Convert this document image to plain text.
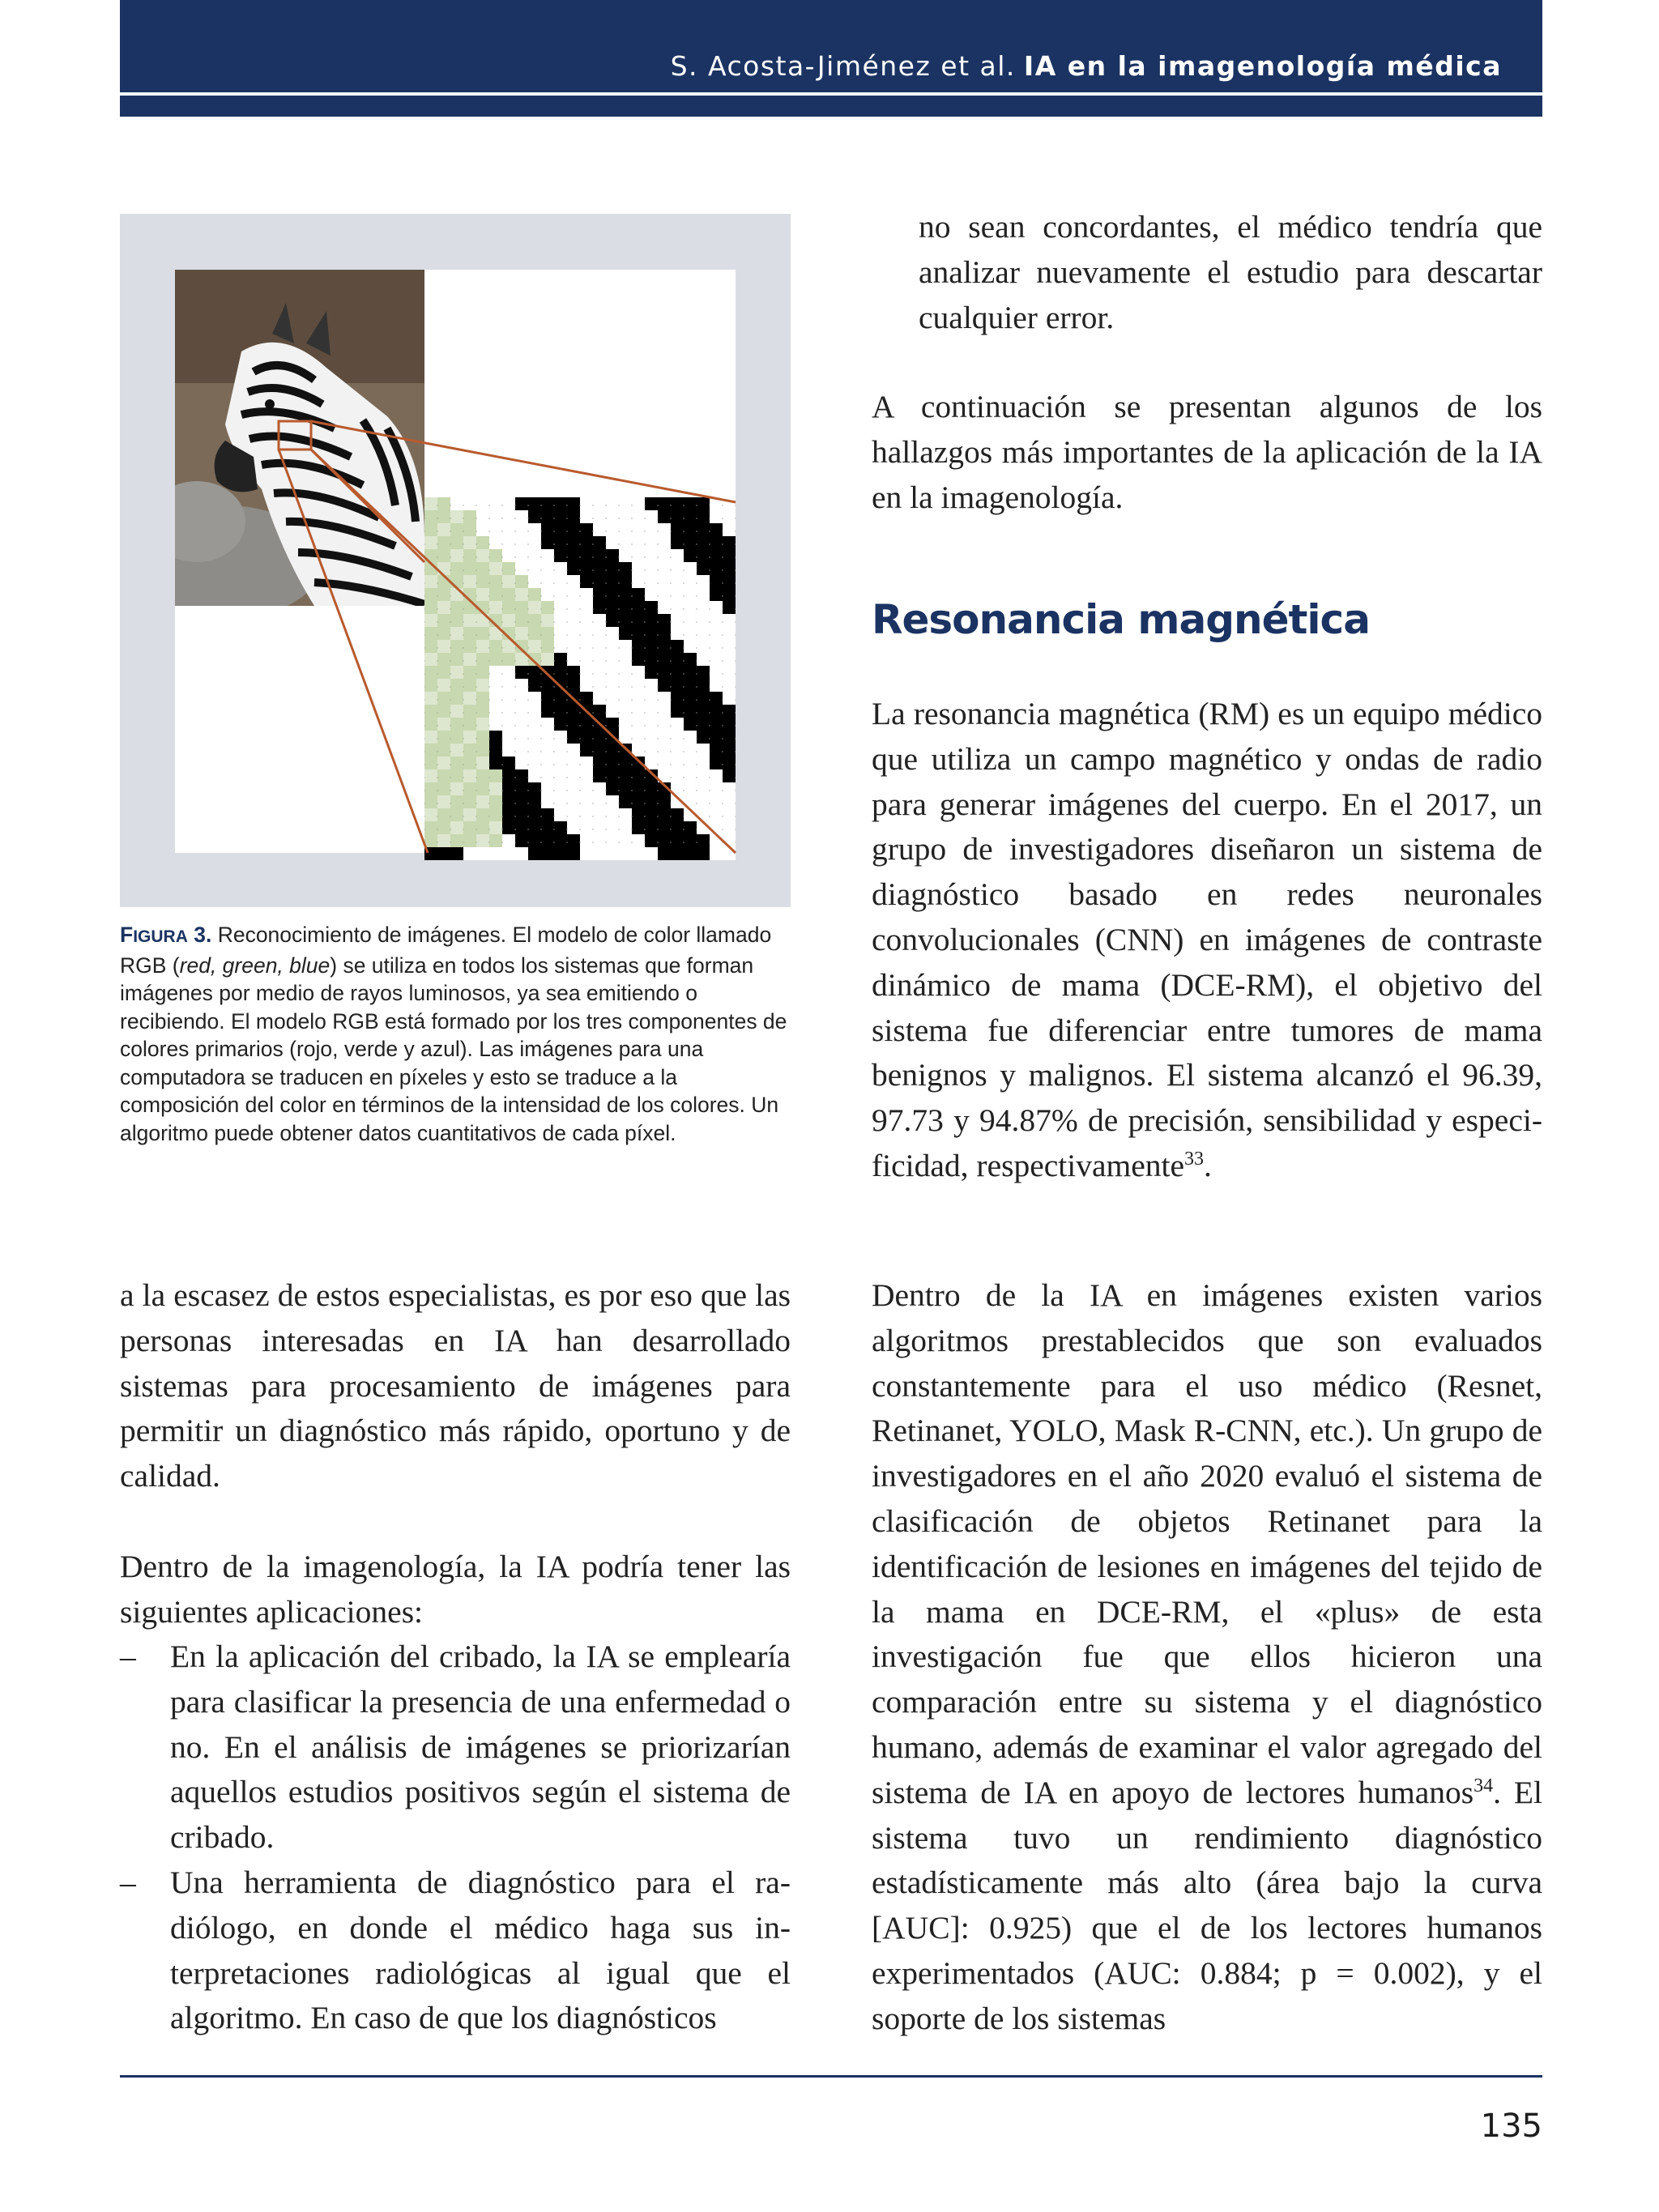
S. Acosta-Jiménez et al. IA en la imagenología médica
FIGURA 3. Reconocimiento de imágenes. El modelo de color llamado RGB (red, green, blue) se utiliza en todos los sistemas que forman imágenes por medio de rayos luminosos, ya sea emitiendo o recibiendo. El modelo RGB está formado por los tres componentes de colores primarios (rojo, verde y azul). Las imágenes para una computadora se traducen en píxeles y esto se traduce a la composición del color en términos de la intensidad de los colores. Un algoritmo puede obtener datos cuantitativos de cada píxel.

no sean concordantes, el médico tendría que analizar nuevamente el estudio para descartar cualquier error.

A continuación se presentan algunos de los hallazgos más importantes de la aplicación de la IA en la imagenología.

Resonancia magnética

La resonancia magnética (RM) es un equipo médico que utiliza un campo magnético y ondas de radio para generar imágenes del cuerpo. En el 2017, un grupo de investigadores diseñaron un sistema de diagnóstico basado en redes neuronales convolucionales (CNN) en imágenes de contraste dinámico de mama (DCE-RM), el objetivo del sistema fue diferenciar entre tumores de mama benignos y malignos. El sistema alcanzó el 96.39, 97.73 y 94.87% de precisión, sensibilidad y especificidad, respectivamente$^{33}$.

Dentro de la IA en imágenes existen varios algoritmos prestablecidos que son evaluados constantemente para el uso médico (Resnet, Retinanet, YOLO, Mask R-CNN, etc.). Un grupo de investigadores en el año 2020 evaluó el sistema de clasificación de objetos Retinanet para la identificación de lesiones en imágenes del tejido de la mama en DCE-RM, el «plus» de esta investigación fue que ellos hicieron una comparación entre su sistema y el diagnóstico humano, además de examinar el valor agregado del sistema de IA en apoyo de lectores humanos$^{34}$. El sistema tuvo un rendimiento diagnóstico estadísticamente más alto (área bajo la curva [AUC]: 0.925) que el de los lectores humanos experimentados (AUC: 0.884; p = 0.002), y el soporte de los sistemas

a la escasez de estos especialistas, es por eso que las personas interesadas en IA han desarrollado sistemas para procesamiento de imágenes para permitir un diagnóstico más rápido, oportuno y de calidad.

Dentro de la imagenología, la IA podría tener las siguientes aplicaciones:

– En la aplicación del cribado, la IA se emplearía para clasificar la presencia de una enfermedad o no. En el análisis de imágenes se priorizarían aquellos estudios positivos según el sistema de cribado.
– Una herramienta de diagnóstico para el radiólogo, en donde el médico haga sus interpretaciones radiológicas al igual que el algoritmo. En caso de que los diagnósticos
135
